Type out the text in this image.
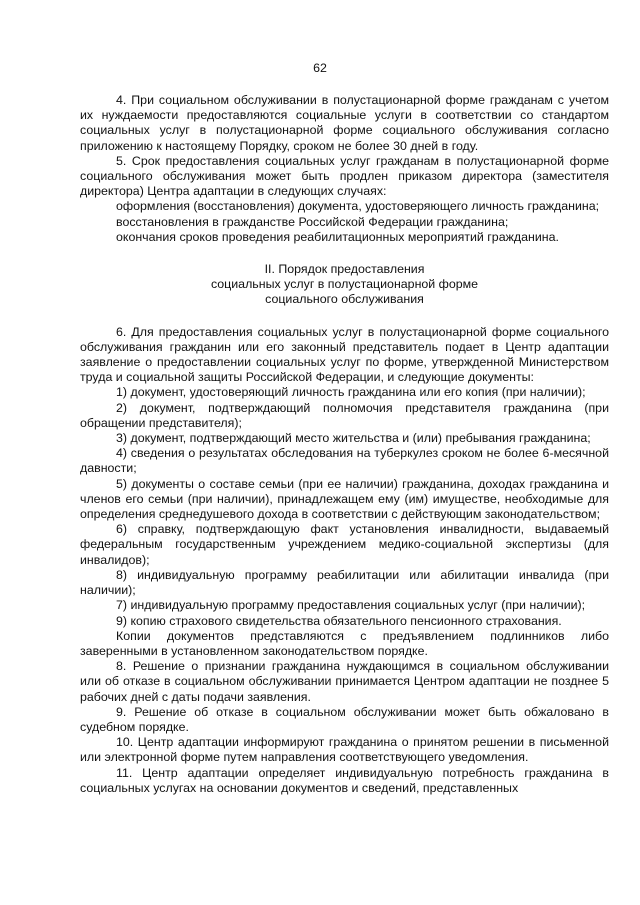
62

4. При социальном обслуживании в полустационарной форме гражданам с учетом их нуждаемости предоставляются социальные услуги в соответствии со стандартом социальных услуг в полустационарной форме социального обслуживания согласно приложению к настоящему Порядку, сроком не более 30 дней в году.

5. Срок предоставления социальных услуг гражданам в полустационарной форме социального обслуживания может быть продлен приказом директора (заместителя директора) Центра адаптации в следующих случаях:

оформления (восстановления) документа, удостоверяющего личность гражданина;

восстановления в гражданстве Российской Федерации гражданина;

окончания сроков проведения реабилитационных мероприятий гражданина.

II. Порядок предоставления

социальных услуг в полустационарной форме

социального обслуживания

6. Для предоставления социальных услуг в полустационарной форме социального обслуживания гражданин или его законный представитель подает в Центр адаптации заявление о предоставлении социальных услуг по форме, утвержденной Министерством труда и социальной защиты Российской Федерации, и следующие документы:

1) документ, удостоверяющий личность гражданина или его копия (при наличии);

2) документ, подтверждающий полномочия представителя гражданина (при обращении представителя);

3) документ, подтверждающий место жительства и (или) пребывания гражданина;

4) сведения о результатах обследования на туберкулез сроком не более 6-месячной давности;

5) документы о составе семьи (при ее наличии) гражданина, доходах гражданина и членов его семьи (при наличии), принадлежащем ему (им) имуществе, необходимые для определения среднедушевого дохода в соответствии с действующим законодательством;

6) справку, подтверждающую факт установления инвалидности, выдаваемый федеральным государственным учреждением медико-социальной экспертизы (для инвалидов);

8) индивидуальную программу реабилитации или абилитации инвалида (при наличии);

7) индивидуальную программу предоставления социальных услуг (при наличии);

9) копию страхового свидетельства обязательного пенсионного страхования.

Копии документов представляются с предъявлением подлинников либо заверенными в установленном законодательством порядке.

8. Решение о признании гражданина нуждающимся в социальном обслуживании или об отказе в социальном обслуживании принимается Центром адаптации не позднее 5 рабочих дней с даты подачи заявления.

9. Решение об отказе в социальном обслуживании может быть обжаловано в судебном порядке.

10. Центр адаптации информируют гражданина о принятом решении в письменной или электронной форме путем направления соответствующего уведомления.

11. Центр адаптации определяет индивидуальную потребность гражданина в социальных услугах на основании документов и сведений, представленных
